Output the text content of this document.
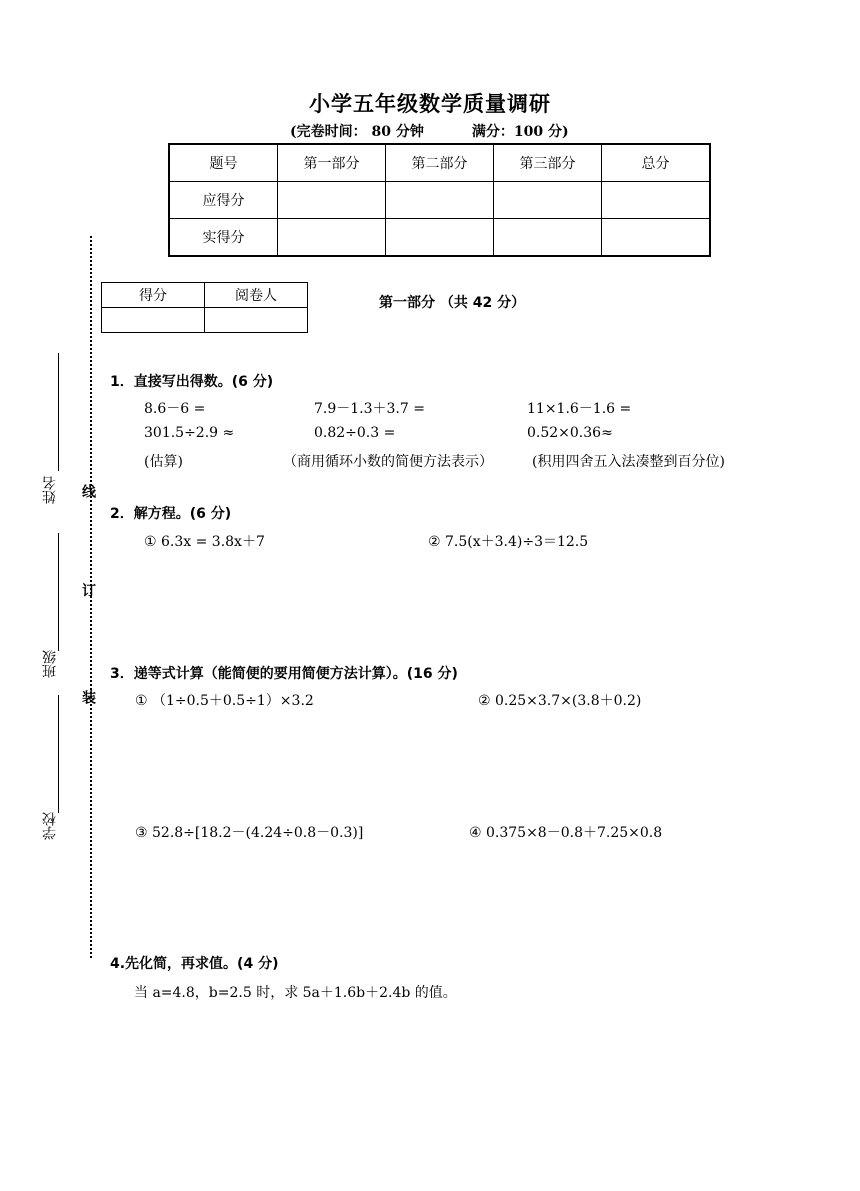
小学五年级数学质量调研
(完卷时间： 80 分钟	满分：100 分)
题号	第一部分	第二部分	第三部分	总分
应得分				
实得分				
得分	阅卷人
		第一部分 （共 42 分）
1．直接写出得数。(6 分)
8.6－6 =	7.9－1.3＋3.7 =	11×1.6－1.6 =
301.5÷2.9 ≈	0.82÷0.3 =	0.52×0.36≈
(估算)	（商用循环小数的简便方法表示）	(积用四舍五入法凑整到百分位)
2．解方程。(6 分)
① 6.3x = 3.8x＋7	② 7.5(x＋3.4)÷3＝12.5
3．递等式计算（能简便的要用简便方法计算）。(16 分)
① （1÷0.5＋0.5÷1）×3.2	② 0.25×3.7×(3.8＋0.2)
③ 52.8÷[18.2－(4.24÷0.8－0.3)]	④ 0.375×8－0.8＋7.25×0.8
4.先化简，再求值。(4 分)
当 a=4.8，b=2.5 时，求 5a＋1.6b＋2.4b 的值。
姓名
班级
学校
线
订
装
